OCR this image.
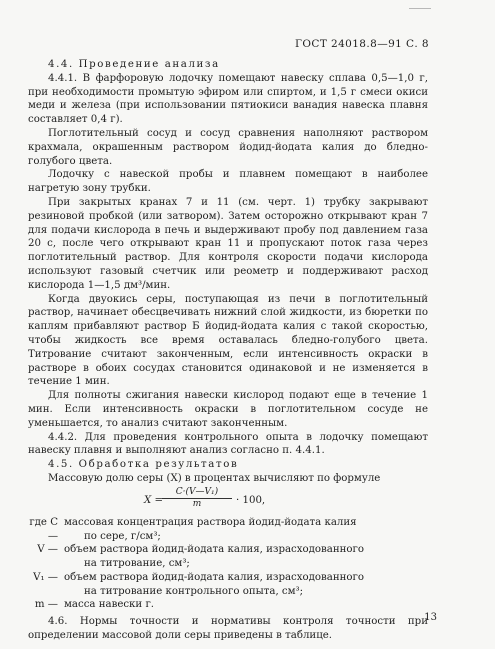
ГОСТ 24018.8—91 С. 8

4.4. Проведение анализа

4.4.1. В фарфоровую лодочку помещают навеску сплава 0,5—1,0 г, при необходимости промытую эфиром или спиртом, и 1,5 г смеси окиси меди и железа (при использовании пятиокиси ванадия навеска плавня составляет 0,4 г).

Поглотительный сосуд и сосуд сравнения наполняют раствором крахмала, окрашенным раствором йодид-йодата калия до бледно-голубого цвета.

Лодочку с навеской пробы и плавнем помещают в наиболее нагретую зону трубки.

При закрытых кранах 7 и 11 (см. черт. 1) трубку закрывают резиновой пробкой (или затвором). Затем осторожно открывают кран 7 для подачи кислорода в печь и выдерживают пробу под давлением газа 20 с, после чего открывают кран 11 и пропускают поток газа через поглотительный раствор. Для контроля скорости подачи кислорода используют газовый счетчик или реометр и поддерживают расход кислорода 1—1,5 дм³/мин.

Когда двуокись серы, поступающая из печи в поглотительный раствор, начинает обесцвечивать нижний слой жидкости, из бюретки по каплям прибавляют раствор Б йодид-йодата калия с такой скоростью, чтобы жидкость все время оставалась бледно-голубого цвета. Титрование считают законченным, если интенсивность окраски в растворе в обоих сосудах становится одинаковой и не изменяется в течение 1 мин.

Для полноты сжигания навески кислород подают еще в течение 1 мин. Если интенсивность окраски в поглотительном сосуде не уменьшается, то анализ считают законченным.

4.4.2. Для проведения контрольного опыта в лодочку помещают навеску плавня и выполняют анализ согласно п. 4.4.1.

4.5. Обработка результатов

Массовую долю серы (X) в процентах вычисляют по формуле

X =
$\frac{\text{C·(V—V₁)}}{m} \cdot 100$,
где C —
массовая концентрация раствора йодид-йодата калия
по сере, г/см³;
V — объем раствора йодид-йодата калия, израсходованного
на титрование, см³;
V₁ — объем раствора йодид-йодата калия, израсходованного
на титрование контрольного опыта, см³;
m — масса навески г.

4.6. Нормы точности и нормативы контроля точности при определении массовой доли серы приведены в таблице.

13
